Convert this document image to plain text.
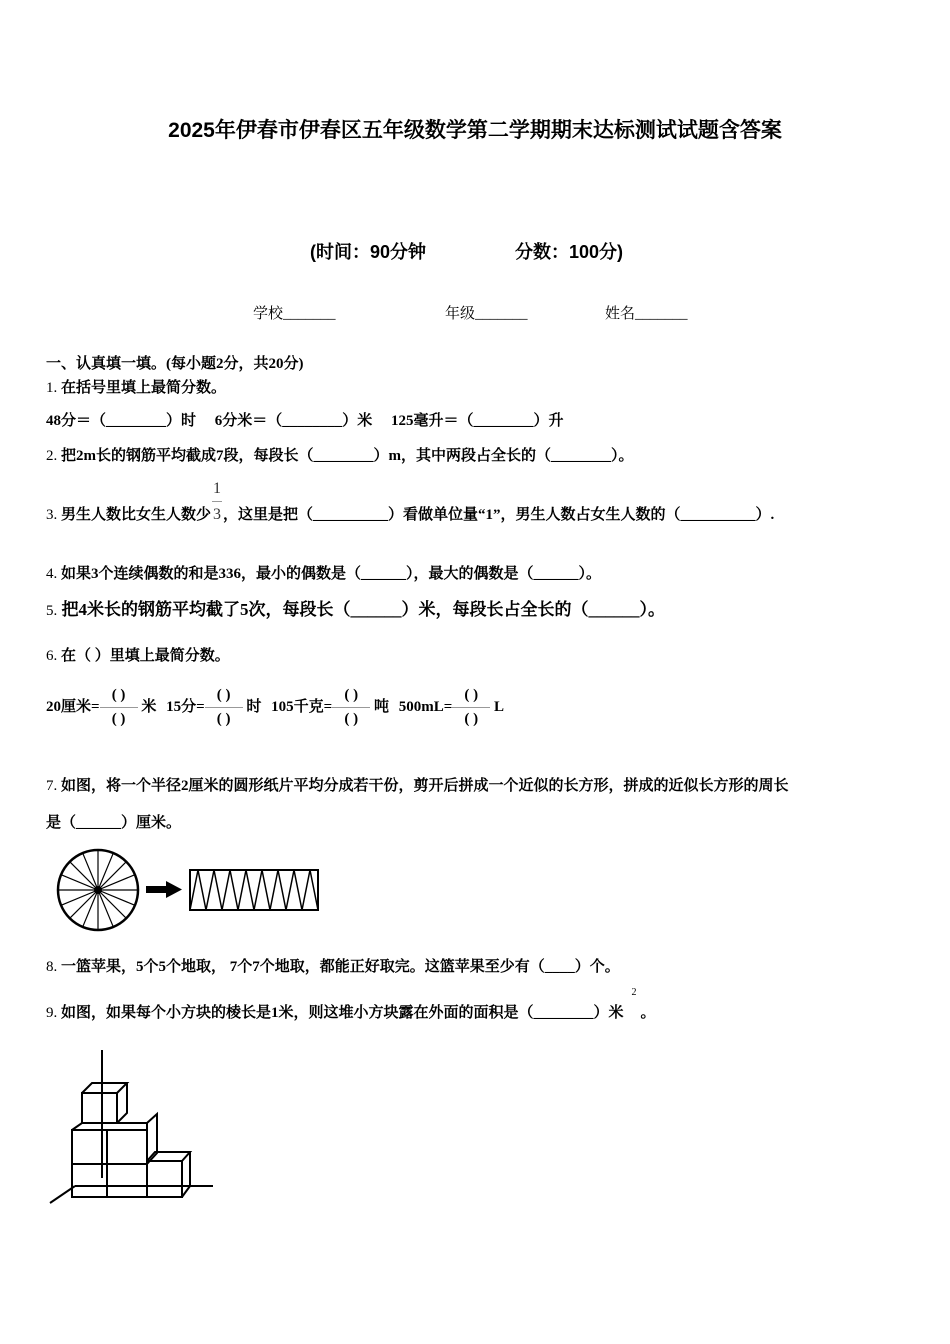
2025年伊春市伊春区五年级数学第二学期期末达标测试试题含答案
(时间：90分钟	分数：100分)
学校_______	年级_______	姓名_______
一、认真填一填。(每小题2分，共20分)
1. 在括号里填上最简分数。
48分＝（________）时　 6分米＝（________）米　 125毫升＝（________）升
2. 把2m长的钢筋平均截成7段，每段长（________）m，其中两段占全长的（________）。
3. 男生人数比女生人数少 $\frac{1}{3}$ ，这里是把（__________）看做单位量“1”，男生人数占女生人数的（__________）.
4. 如果3个连续偶数的和是336，最小的偶数是（______），最大的偶数是（______）。
5. 把4米长的钢筋平均截了5次，每段长（______）米，每段长占全长的（______）。
6. 在（ ）里填上最简分数。
20厘米= $\frac{( )}{( )}$ 米 15分= $\frac{( )}{( )}$ 时 105千克= $\frac{( )}{( )}$ 吨 $500mL= \frac{( )}{( )}$ L
7. 如图，将一个半径2厘米的圆形纸片平均分成若干份，剪开后拼成一个近似的长方形，拼成的近似长方形的周长
是（______）厘米。
8. 一篮苹果，5个5个地取， 7个7个地取，都能正好取完。这篮苹果至少有（____）个。
9. 如图，如果每个小方块的棱长是1米，则这堆小方块露在外面的面积是（________）米$^2$。
